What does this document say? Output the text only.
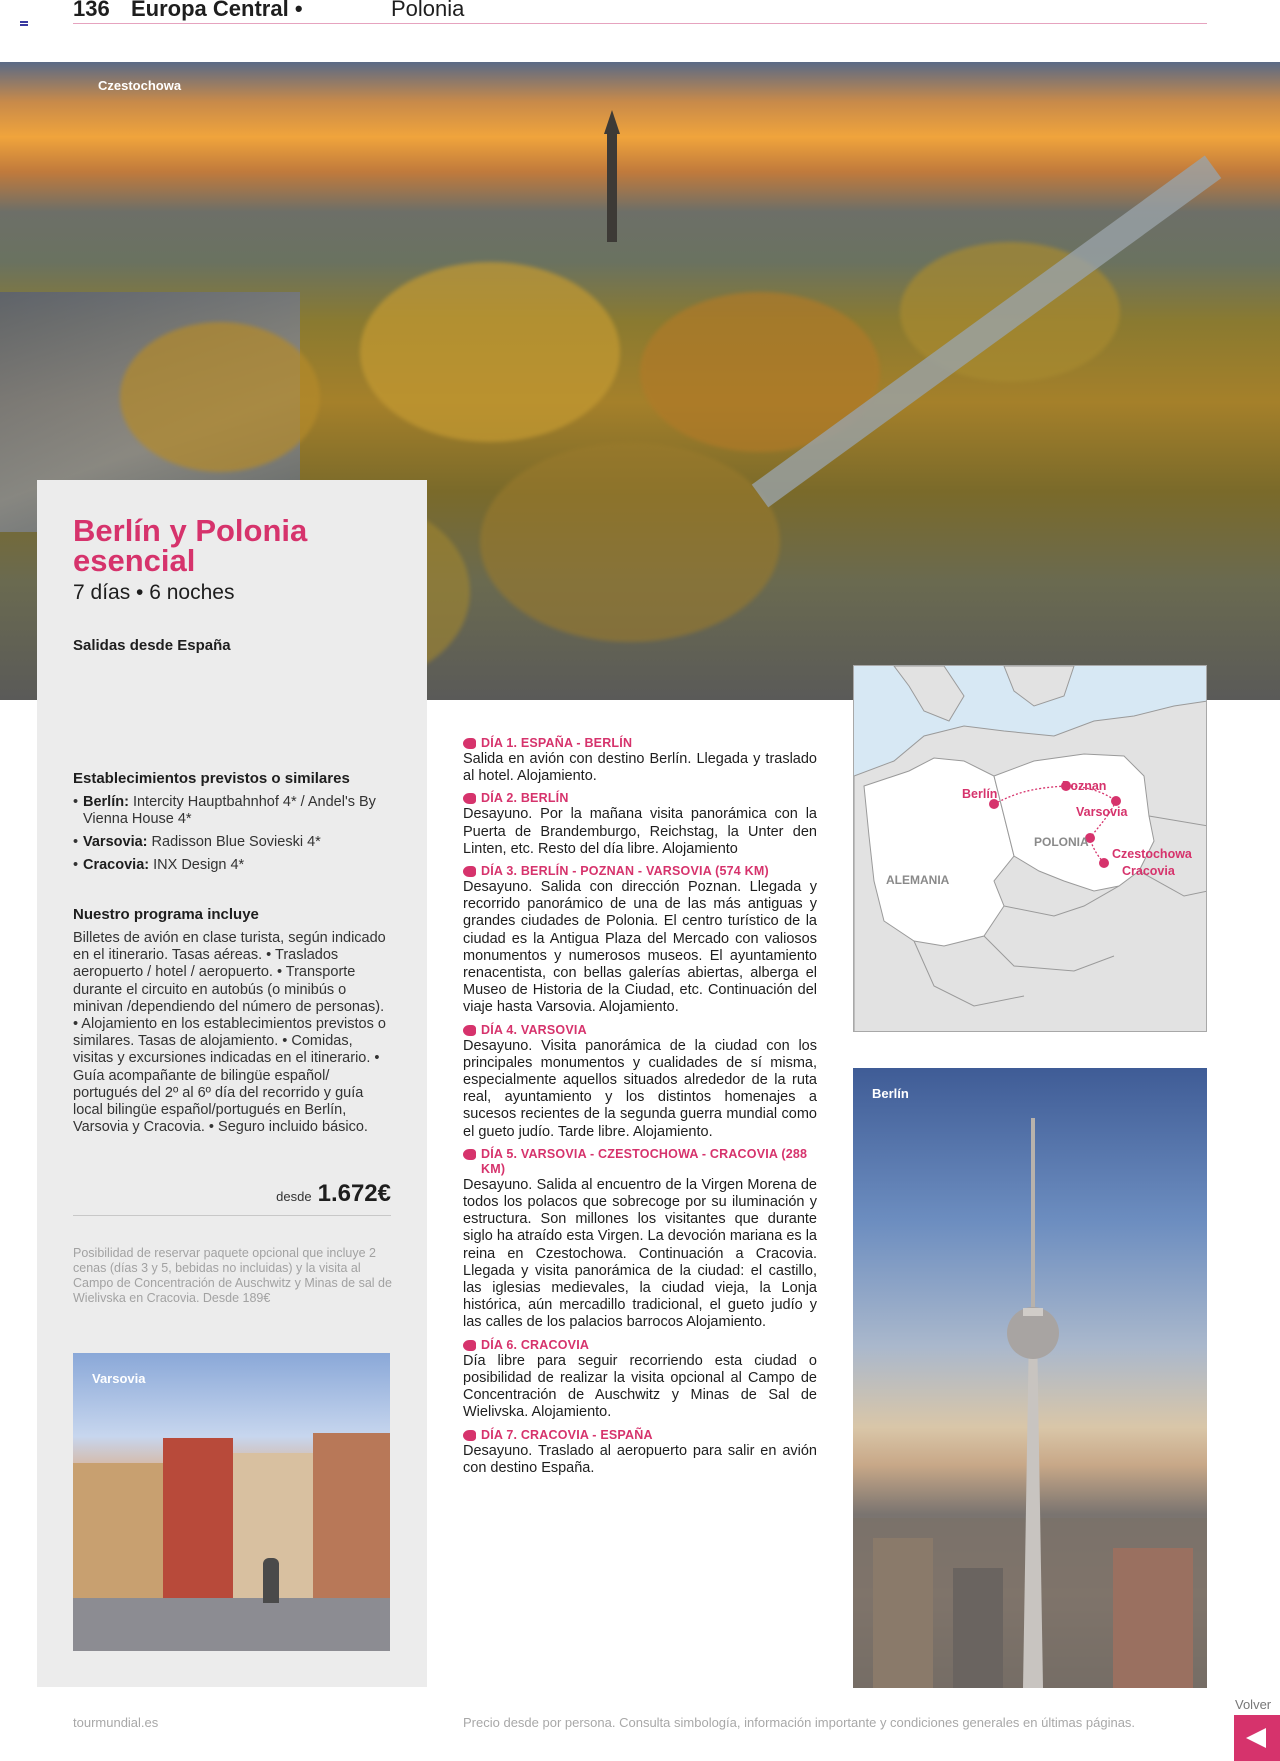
136 Europa Central •	Polonia
Czestochowa
Berlín y Polonia esencial
7 días • 6 noches
Salidas desde España
Establecimientos previstos o similares
• Berlín: Intercity Hauptbahnhof 4* / Andel's By Vienna House 4*
• Varsovia: Radisson Blue Sovieski 4*
• Cracovia: INX Design 4*
Nuestro programa incluye
Billetes de avión en clase turista, según indicado en el itinerario. Tasas aéreas. • Traslados aeropuerto / hotel / aeropuerto. • Transporte durante el circuito en autobús (o minibús o minivan /dependiendo del número de personas). • Alojamiento en los establecimientos previstos o similares. Tasas de alojamiento. • Comidas, visitas y excursiones indicadas en el itinerario. • Guía acompañante de bilingüe español/ portugués del 2º al 6º día del recorrido y guía local bilingüe español/portugués en Berlín, Varsovia y Cracovia. • Seguro incluido básico.
desde 1.672€
Posibilidad de reservar paquete opcional que incluye 2 cenas (días 3 y 5, bebidas no incluidas) y la visita al Campo de Concentración de Auschwitz y Minas de sal de Wielivska en Cracovia. Desde 189€
Varsovia
DÍA 1. ESPAÑA - BERLÍN
Salida en avión con destino Berlín. Llegada y traslado al hotel. Alojamiento.
DÍA 2. BERLÍN
Desayuno. Por la mañana visita panorámica con la Puerta de Brandemburgo, Reichstag, la Unter den Linten, etc. Resto del día libre. Alojamiento
DÍA 3. BERLÍN - POZNAN - VARSOVIA (574 KM)
Desayuno. Salida con dirección Poznan. Llegada y recorrido panorámico de una de las más antiguas y grandes ciudades de Polonia. El centro turístico de la ciudad es la Antigua Plaza del Mercado con valiosos monumentos y numerosos museos. El ayuntamiento renacentista, con bellas galerías abiertas, alberga el Museo de Historia de la Ciudad, etc. Continuación del viaje hasta Varsovia. Alojamiento.
DÍA 4. VARSOVIA
Desayuno. Visita panorámica de la ciudad con los principales monumentos y cualidades de sí misma, especialmente aquellos situados alrededor de la ruta real, ayuntamiento y los distintos homenajes a sucesos recientes de la segunda guerra mundial como el gueto judío. Tarde libre. Alojamiento.
DÍA 5. VARSOVIA - CZESTOCHOWA - CRACOVIA (288 KM)
Desayuno. Salida al encuentro de la Virgen Morena de todos los polacos que sobrecoge por su iluminación y estructura. Son millones los visitantes que durante siglo ha atraído esta Virgen. La devoción mariana es la reina en Czestochowa. Continuación a Cracovia. Llegada y visita panorámica de la ciudad: el castillo, las iglesias medievales, la ciudad vieja, la Lonja histórica, aún mercadillo tradicional, el gueto judío y las calles de los palacios barrocos Alojamiento.
DÍA 6. CRACOVIA
Día libre para seguir recorriendo esta ciudad o posibilidad de realizar la visita opcional al Campo de Concentración de Auschwitz y Minas de Sal de Wielivska. Alojamiento.
DÍA 7. CRACOVIA - ESPAÑA
Desayuno. Traslado al aeropuerto para salir en avión con destino España.
ALEMANIA
POLONIA
Berlín
Poznan
Varsovia
Czestochowa
Cracovia
Berlín
tourmundial.es	Precio desde por persona. Consulta simbología, información importante y condiciones generales en últimas páginas.
Volver
